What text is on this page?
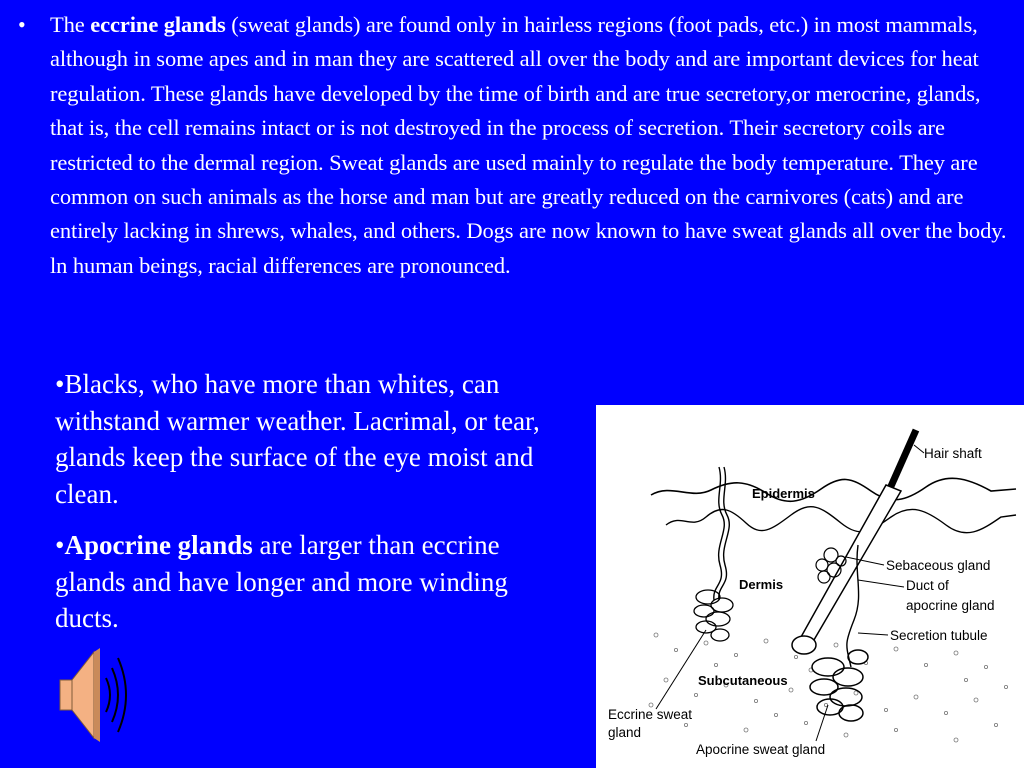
•	The eccrine glands (sweat glands) are found only in hairless regions (foot pads, etc.) in most mammals, although in some apes and in man they are scattered all over the body and are important devices for heat regulation. These glands have developed by the time of birth and are true secretory,or merocrine, glands, that is, the cell remains intact or is not destroyed in the process of secretion. Their secretory coils are restricted to the dermal region. Sweat glands are used mainly to regulate the body temperature. They are common on such animals as the horse and man but are greatly reduced on the carnivores (cats) and are entirely lacking in shrews, whales, and others. Dogs are now known to have sweat glands all over the body. ln human beings, racial differences are pronounced.

•Blacks, who have more than whites, can withstand warmer weather. Lacrimal, or tear, glands keep the surface of the eye moist and clean.

•Apocrine glands are larger than eccrine glands and have longer and more winding ducts.

Hair shaft
Epidermis
Dermis
Sebaceous gland
Duct of
apocrine gland
Secretion tubule
Subcutaneous
Eccrine sweat
gland
Apocrine sweat gland
